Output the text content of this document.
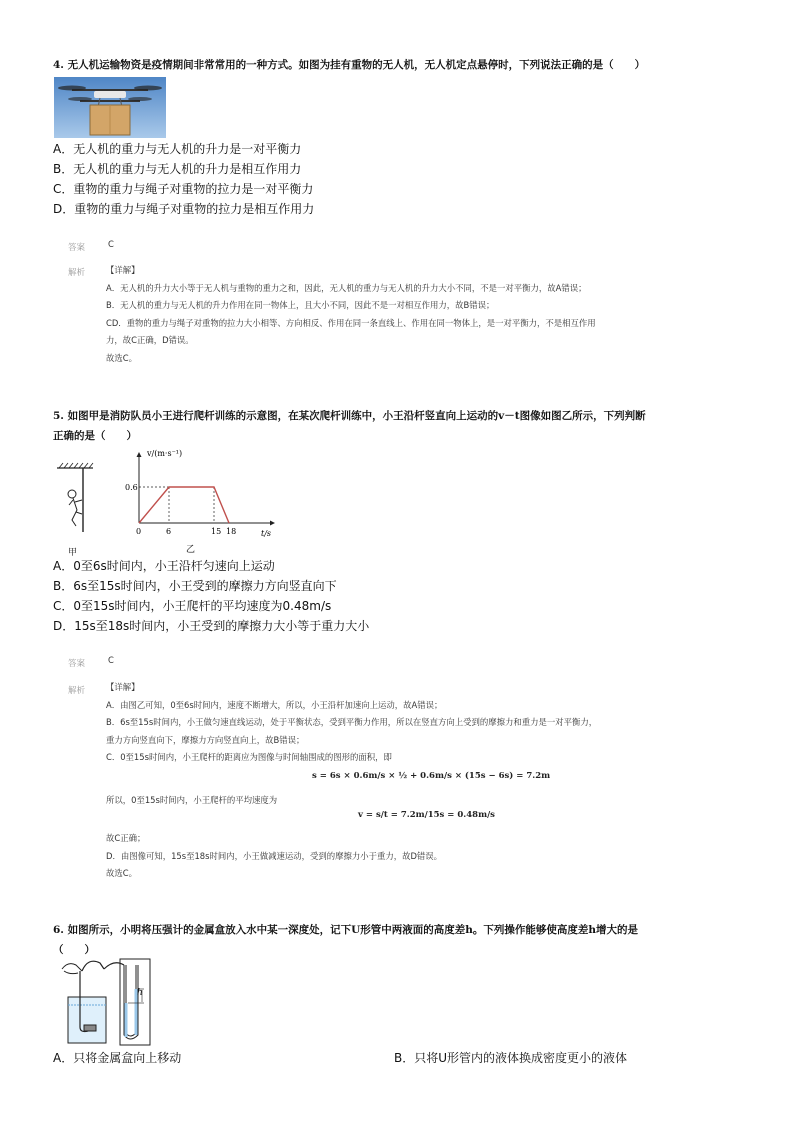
4. 无人机运输物资是疫情期间非常常用的一种方式。如图为挂有重物的无人机，无人机定点悬停时，下列说法正确的是（　　）
A．无人机的重力与无人机的升力是一对平衡力
B．无人机的重力与无人机的升力是相互作用力
C．重物的重力与绳子对重物的拉力是一对平衡力
D．重物的重力与绳子对重物的拉力是相互作用力
答案	C
解析 【详解】
A．无人机的升力大小等于无人机与重物的重力之和，因此，无人机的重力与无人机的升力大小不同，不是一对平衡力，故A错误；
B．无人机的重力与无人机的升力作用在同一物体上，且大小不同，因此不是一对相互作用力，故B错误；
CD．重物的重力与绳子对重物的拉力大小相等、方向相反、作用在同一条直线上、作用在同一物体上，是一对平衡力，不是相互作用
力，故C正确，D错误。
故选C。
5. 如图甲是消防队员小王进行爬杆训练的示意图，在某次爬杆训练中，小王沿杆竖直向上运动的v－t图像如图乙所示，下列判断
正确的是（　　）
甲
0	6	15 18
0.6
v/(m·s⁻¹)
t/s
乙
A．0至6s时间内，小王沿杆匀速向上运动
B．6s至15s时间内，小王受到的摩擦力方向竖直向下
C．0至15s时间内，小王爬杆的平均速度为0.48m/s
D．15s至18s时间内，小王受到的摩擦力大小等于重力大小
答案	C
解析 【详解】
A．由图乙可知，0至6s时间内，速度不断增大，所以，小王沿杆加速向上运动，故A错误；
B．6s至15s时间内，小王做匀速直线运动，处于平衡状态，受到平衡力作用，所以在竖直方向上受到的摩擦力和重力是一对平衡力，
重力方向竖直向下，摩擦力方向竖直向上，故B错误；
C．0至15s时间内，小王爬杆的距离应为图像与时间轴围成的图形的面积，即
s = 6s × 0.6m/s × ½ + 0.6m/s × (15s − 6s) = 7.2m
所以，0至15s时间内，小王爬杆的平均速度为
v = s/t = 7.2m/15s = 0.48m/s
故C正确；
D．由图像可知，15s至18s时间内，小王做减速运动，受到的摩擦力小于重力，故D错误。
故选C。
6. 如图所示，小明将压强计的金属盒放入水中某一深度处，记下U形管中两液面的高度差h。下列操作能够使高度差h增大的是
（　　）
h
A．只将金属盒向上移动	B．只将U形管内的液体换成密度更小的液体
